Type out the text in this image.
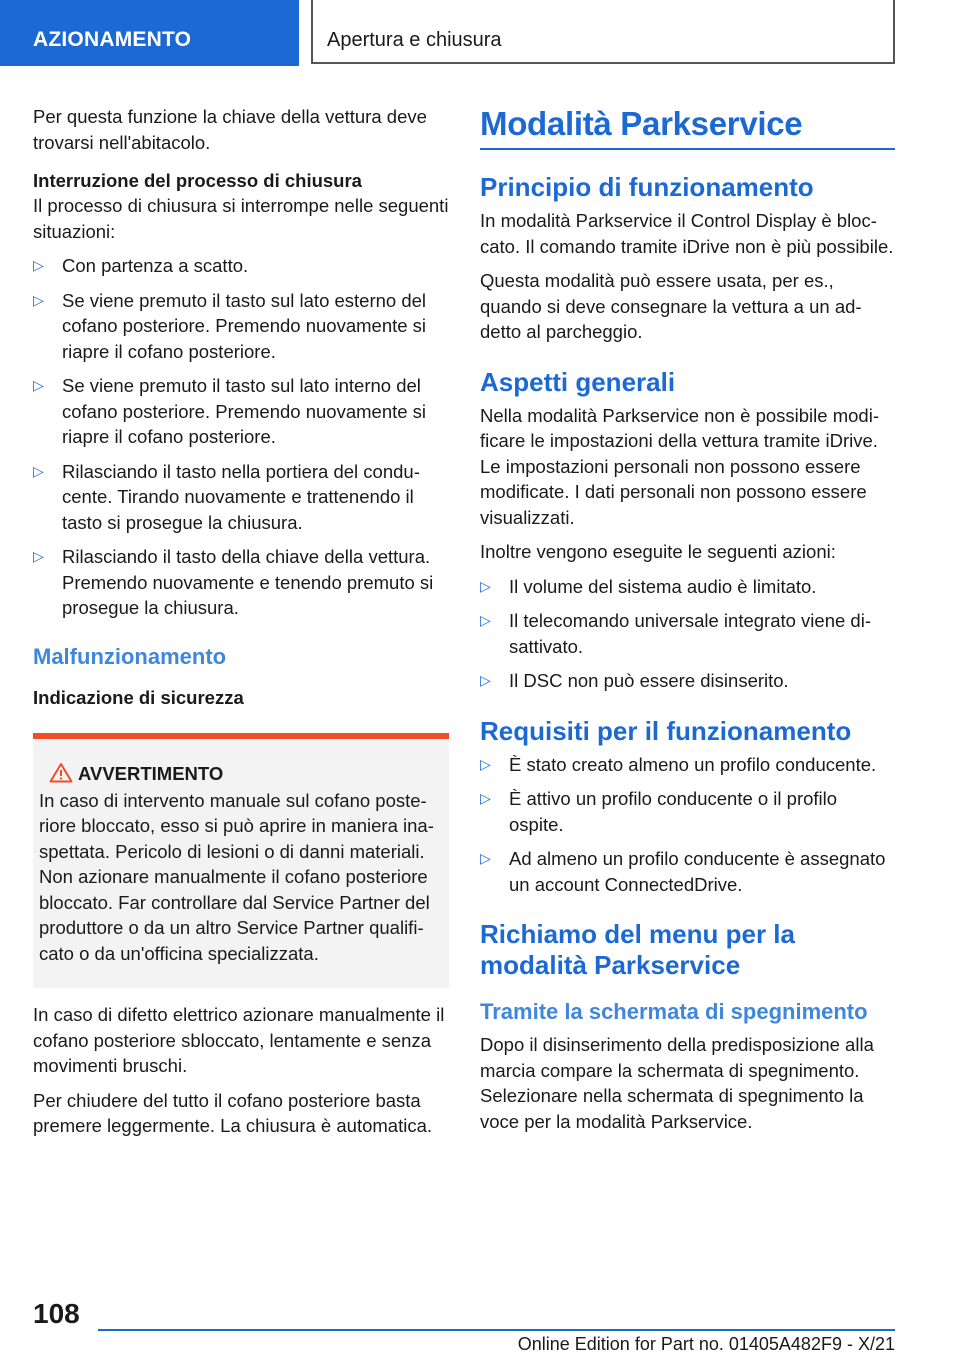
AZIONAMENTO	Apertura e chiusura

Per questa funzione la chiave della vettura deve trovarsi nell'abitacolo.

Interruzione del processo di chiusura

Il processo di chiusura si interrompe nelle seguenti situazioni:

▷ Con partenza a scatto.
▷ Se viene premuto il tasto sul lato esterno del cofano posteriore. Premendo nuovamente si riapre il cofano posteriore.
▷ Se viene premuto il tasto sul lato interno del cofano posteriore. Premendo nuovamente si riapre il cofano posteriore.
▷ Rilasciando il tasto nella portiera del conducente. Tirando nuovamente e trattenendo il tasto si prosegue la chiusura.
▷ Rilasciando il tasto della chiave della vettura. Premendo nuovamente e tenendo premuto si prosegue la chiusura.
Malfunzionamento
Indicazione di sicurezza
AVVERTIMENTO

In caso di intervento manuale sul cofano posteriore bloccato, esso si può aprire in maniera inaspettata. Pericolo di lesioni o di danni materiali.

Non azionare manualmente il cofano posteriore bloccato. Far controllare dal Service Partner del produttore o da un altro Service Partner qualificato o da un'officina specializzata.

In caso di difetto elettrico azionare manualmente il cofano posteriore sbloccato, lentamente e senza movimenti bruschi.

Per chiudere del tutto il cofano posteriore basta premere leggermente. La chiusura è automatica.

Modalità Parkservice
Principio di funzionamento

In modalità Parkservice il Control Display è bloccato. Il comando tramite iDrive non è più possibile.

Questa modalità può essere usata, per es., quando si deve consegnare la vettura a un addetto al parcheggio.

Aspetti generali

Nella modalità Parkservice non è possibile modificare le impostazioni della vettura tramite iDrive. Le impostazioni personali non possono essere modificate. I dati personali non possono essere visualizzati.

Inoltre vengono eseguite le seguenti azioni:

▷ Il volume del sistema audio è limitato.
▷ Il telecomando universale integrato viene disattivato.
▷ Il DSC non può essere disinserito.
Requisiti per il funzionamento
▷ È stato creato almeno un profilo conducente.
▷ È attivo un profilo conducente o il profilo ospite.
▷ Ad almeno un profilo conducente è assegnato un account ConnectedDrive.
Richiamo del menu per la modalità Parkservice
Tramite la schermata di spegnimento

Dopo il disinserimento della predisposizione alla marcia compare la schermata di spegnimento. Selezionare nella schermata di spegnimento la voce per la modalità Parkservice.

108
Online Edition for Part no. 01405A482F9 - X/21
